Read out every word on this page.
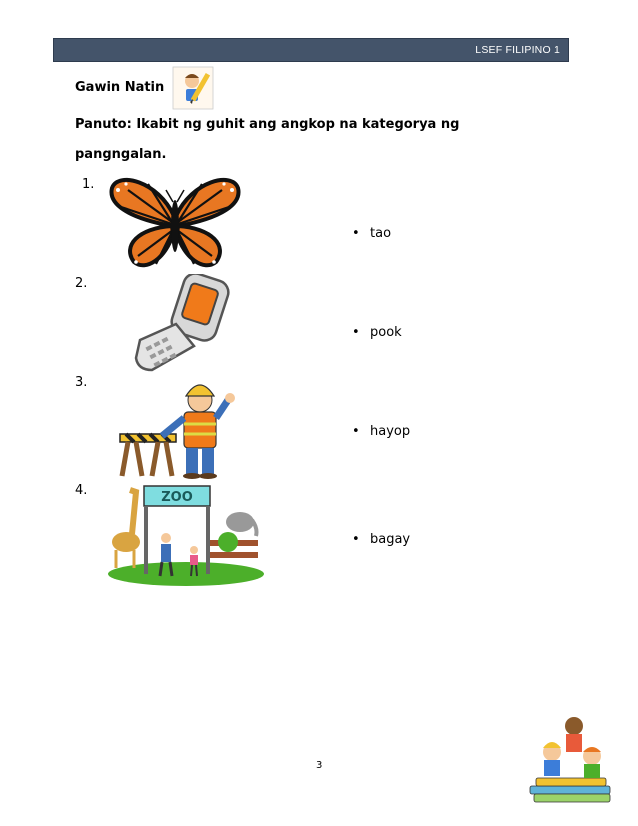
LSEF FILIPINO 1
Gawin Natin
Panuto: Ikabit ng guhit ang angkop na kategorya ng pangngalan.
1.
2.
3.
4.	ZOO
• tao
• pook
• hayop
• bagay
3
